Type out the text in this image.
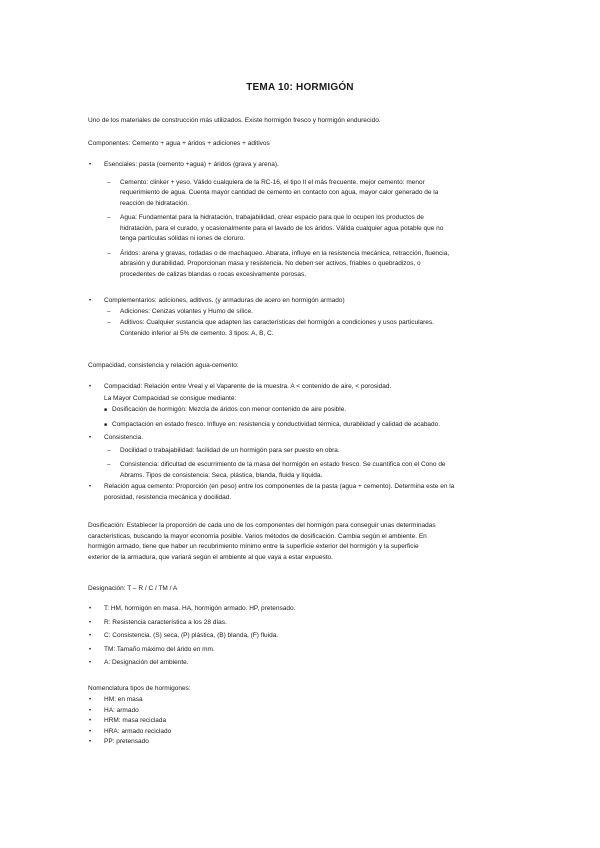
TEMA 10: HORMIGÓN
Uno de los materiales de construcción más utilizados. Existe hormigón fresco y hormigón endurecido.
Componentes: Cemento + agua + áridos + adiciones + aditivos
• Esenciales: pasta (cemento +agua) + áridos (grava y arena).
– Cemento: clinker + yeso. Válido cualquiera de la RC-16, el tipo II el más frecuente. mejor cemento: menor
requerimiento de agua. Cuenta mayor cantidad de cemento en contacto con agua, mayor calor generado de la
reacción de hidratación.
– Agua: Fundamental para la hidratación, trabajabilidad, crear espacio para que lo ocupen los productos de
hidratación, para el curado, y ocasionalmente para el lavado de los áridos. Válida cualquier agua potable que no
tenga partículas sólidas ni iones de cloruro.
– Áridos: arena y gravas, rodadas o de machaqueo. Abarata, influye en la resistencia mecánica, retracción, fluencia,
abrasión y durabilidad. Proporcionan masa y resistencia. No deben ser activos, friables o quebradizos, o
procedentes de calizas blandas o rocas excesivamente porosas.
• Complementarios: adiciones, aditivos. (y armaduras de acero en hormigón armado)
– Adiciones: Cenizas volantes y Humo de sílice.
– Aditivos: Cualquier sustancia que adapten las características del hormigón a condiciones y usos particulares.
Contenido inferior al 5% de cemento. 3 tipos: A, B, C.
Compacidad, consistencia y relación agua-cemento:
• Compacidad: Relación entre Vreal y el Vaparente de la muestra. A < contenido de aire, < porosidad.
La Mayor Compacidad se consigue mediante:
■ Dosificación de hormigón: Mezcla de áridos con menor contenido de aire posible.
■ Compactación en estado fresco. Influye en: resistencia y conductividad térmica, durabilidad y calidad de acabado.
• Consistencia.
– Docilidad o trabajabilidad: facilidad de un hormigón para ser puesto en obra.
– Consistencia: dificultad de escurrimiento de la masa del hormigón en estado fresco. Se cuantifica con el Cono de
Abrams. Tipos de consistencia: Seca, plástica, blanda, fluida y líquida.
• Relación agua cemento: Proporción (en peso) entre los componentes de la pasta (agua + cemento). Determina este en la
porosidad, resistencia mecánica y docilidad.
Dosificación: Establecer la proporción de cada uno de los componentes del hormigón para conseguir unas determinadas
características, buscando la mayor economía posible. Varios métodos de dosificación. Cambia según el ambiente. En
hormigón armado, tiene que haber un recubrimiento mínimo entre la superficie exterior del hormigón y la superficie
exterior de la armadura, que variará según el ambiente al que vaya a estar expuesto.
Designación: T – R / C / TM / A
• T: HM, hormigón en masa. HA, hormigón armado. HP, pretensado.
• R: Resistencia característica a los 28 días.
• C: Consistencia. (S) seca, (P) plástica, (B) blanda, (F) fluida.
• TM: Tamaño máximo del árido en mm.
• A: Designación del ambiente.
Nomenclatura tipos de hormigones:
• HM: en masa
• HA: armado
• HRM: masa reciclada
• HRA: armado reciclado
• PP: pretensado
